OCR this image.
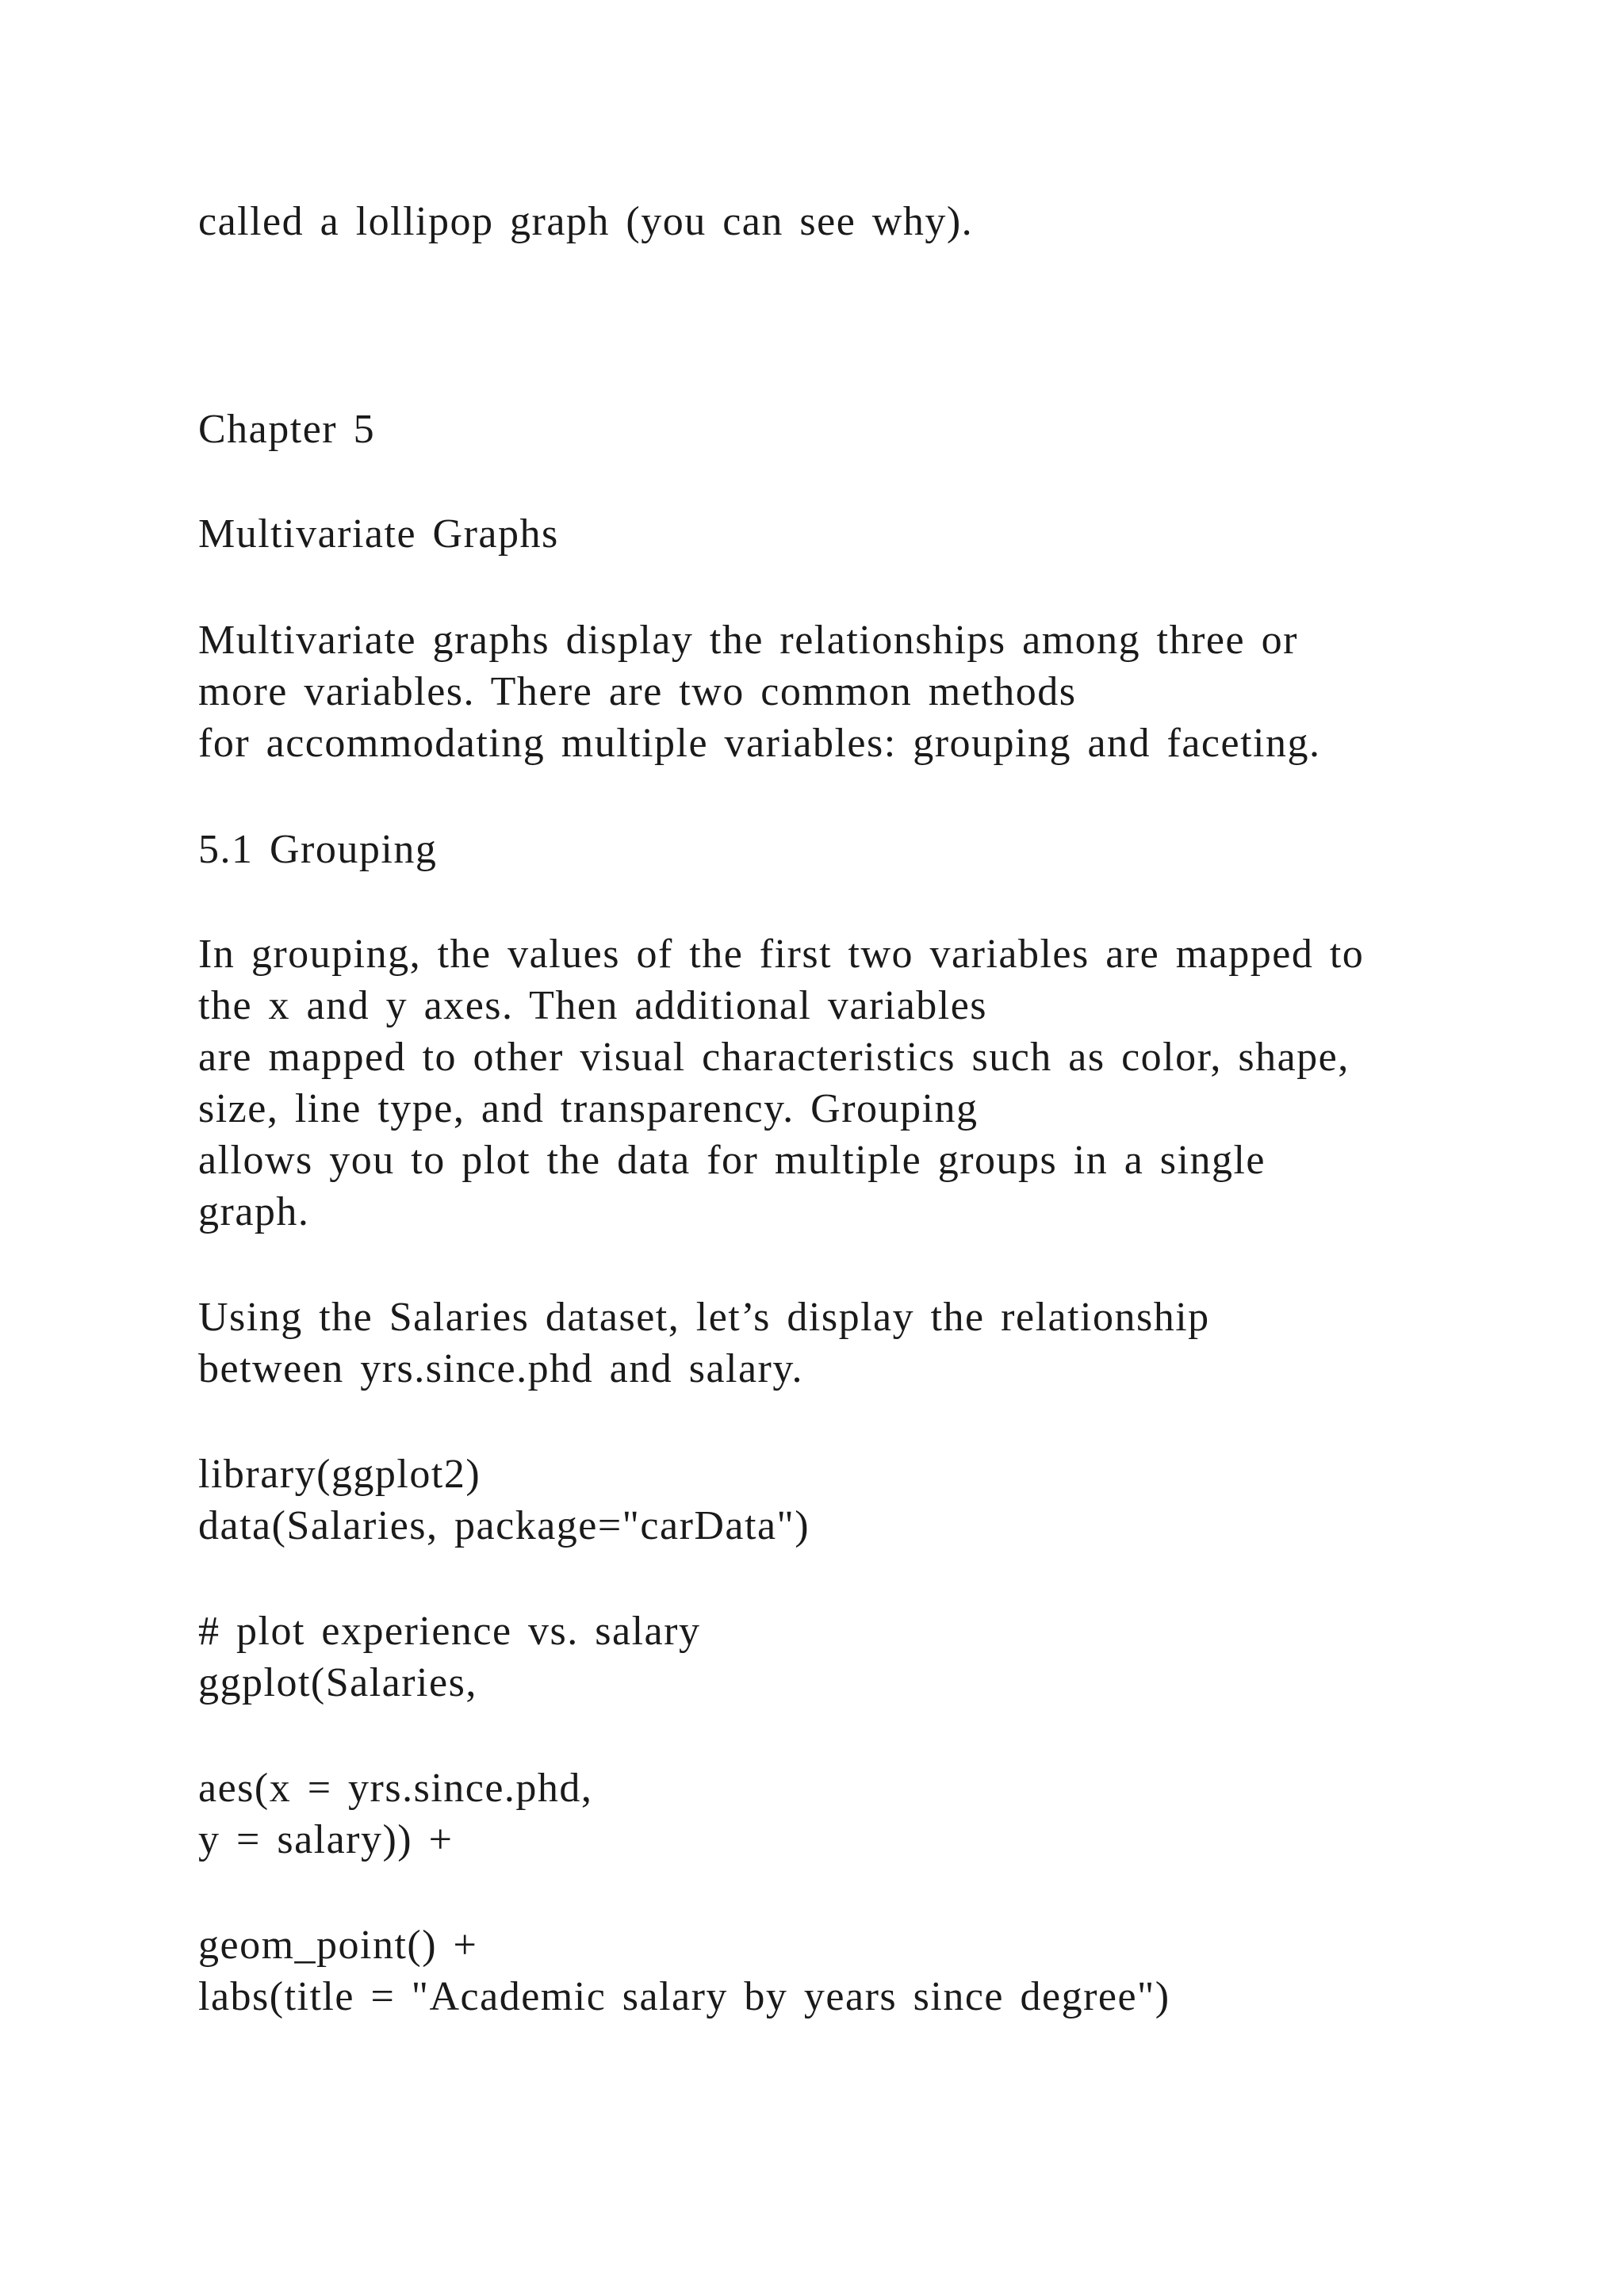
called a lollipop graph (you can see why).

Chapter 5

Multivariate Graphs

Multivariate graphs display the relationships among three or

more variables. There are two common methods

for accommodating multiple variables: grouping and faceting.

5.1 Grouping

In grouping, the values of the first two variables are mapped to

the x and y axes. Then additional variables

are mapped to other visual characteristics such as color, shape,

size, line type, and transparency. Grouping

allows you to plot the data for multiple groups in a single

graph.

Using the Salaries dataset, let’s display the relationship

between yrs.since.phd and salary.

library(ggplot2)

data(Salaries, package="carData")

# plot experience vs. salary

ggplot(Salaries,

aes(x = yrs.since.phd,

y = salary)) +

geom_point() +

labs(title = "Academic salary by years since degree")
